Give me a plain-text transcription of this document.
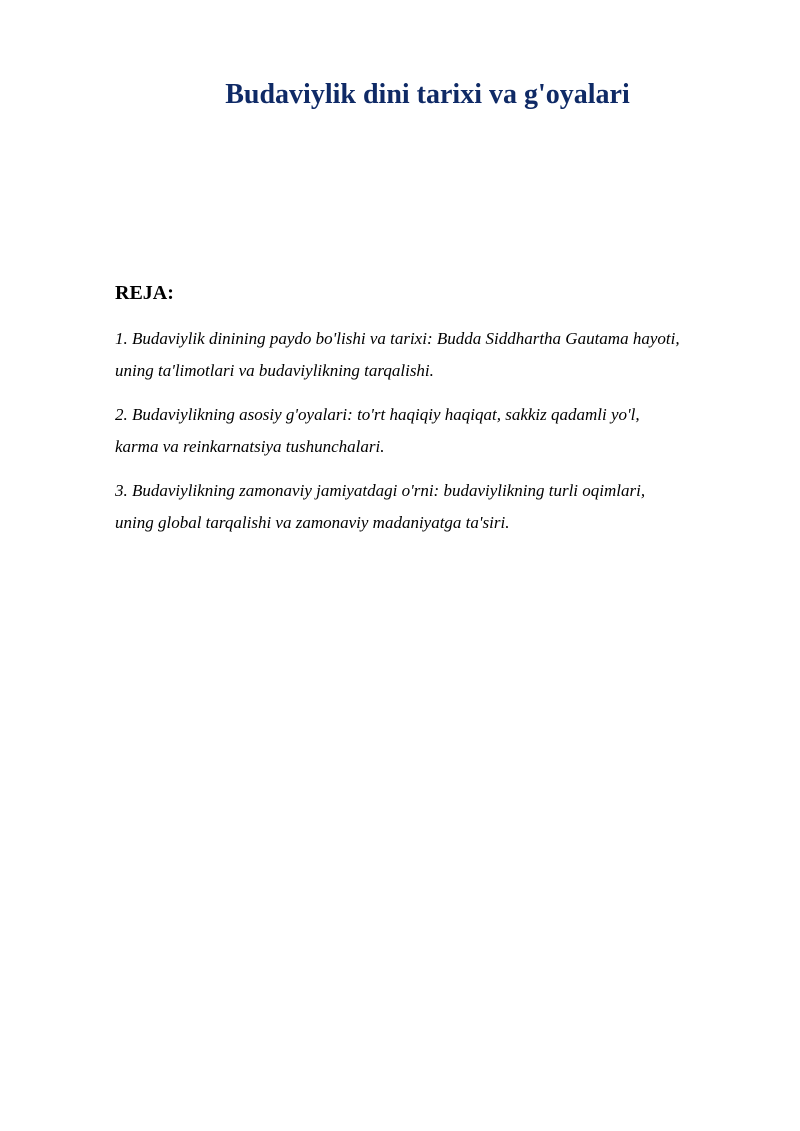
Budaviylik dini tarixi va g'oyalari
REJA:
1. Budaviylik dinining paydo bo'lishi va tarixi: Budda Siddhartha Gautama hayoti,
uning ta'limotlari va budaviylikning tarqalishi.
2. Budaviylikning asosiy g'oyalari: to'rt haqiqiy haqiqat, sakkiz qadamli yo'l,
karma va reinkarnatsiya tushunchalari.
3. Budaviylikning zamonaviy jamiyatdagi o'rni: budaviylikning turli oqimlari,
uning global tarqalishi va zamonaviy madaniyatga ta'siri.
